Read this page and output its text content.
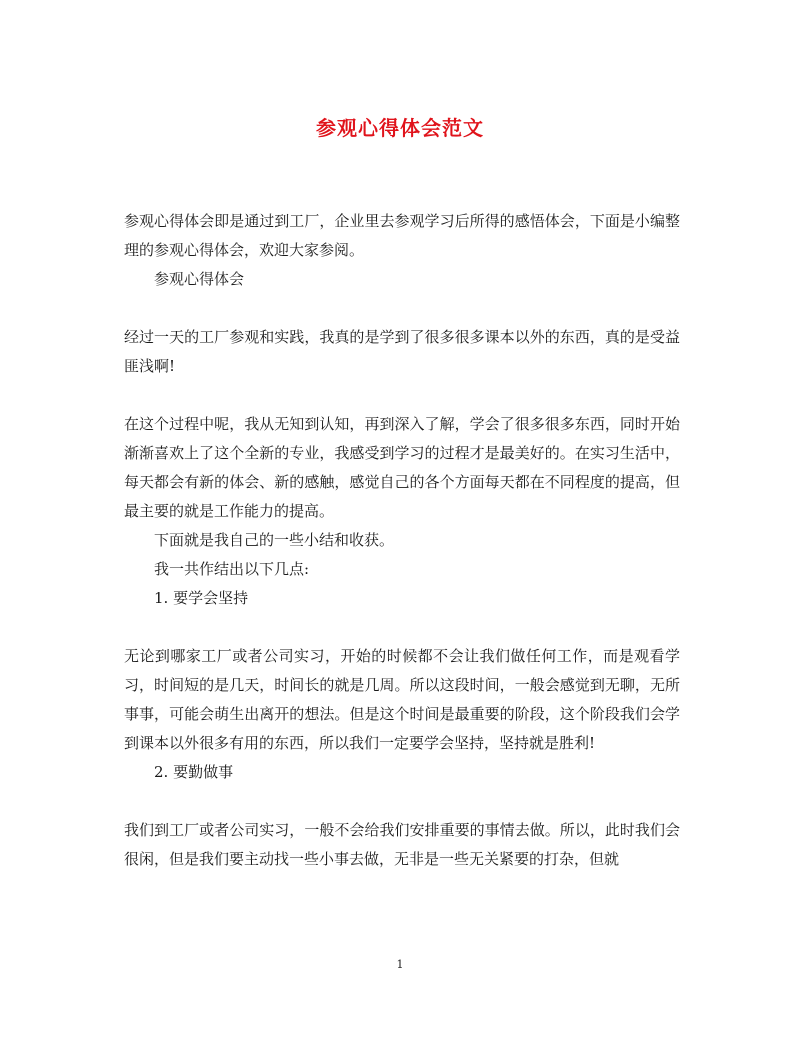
参观心得体会范文

参观心得体会即是通过到工厂，企业里去参观学习后所得的感悟体会，下面是小编整理的参观心得体会，欢迎大家参阅。

参观心得体会

经过一天的工厂参观和实践，我真的是学到了很多很多课本以外的东西，真的是受益匪浅啊!

在这个过程中呢，我从无知到认知，再到深入了解，学会了很多很多东西，同时开始渐渐喜欢上了这个全新的专业，我感受到学习的过程才是最美好的。在实习生活中，每天都会有新的体会、新的感触，感觉自己的各个方面每天都在不同程度的提高，但最主要的就是工作能力的提高。

下面就是我自己的一些小结和收获。

我一共作结出以下几点:

1. 要学会坚持

无论到哪家工厂或者公司实习，开始的时候都不会让我们做任何工作，而是观看学习，时间短的是几天，时间长的就是几周。所以这段时间，一般会感觉到无聊，无所事事，可能会萌生出离开的想法。但是这个时间是最重要的阶段，这个阶段我们会学到课本以外很多有用的东西，所以我们一定要学会坚持，坚持就是胜利!

2. 要勤做事

我们到工厂或者公司实习，一般不会给我们安排重要的事情去做。所以，此时我们会很闲，但是我们要主动找一些小事去做，无非是一些无关紧要的打杂，但就

1
